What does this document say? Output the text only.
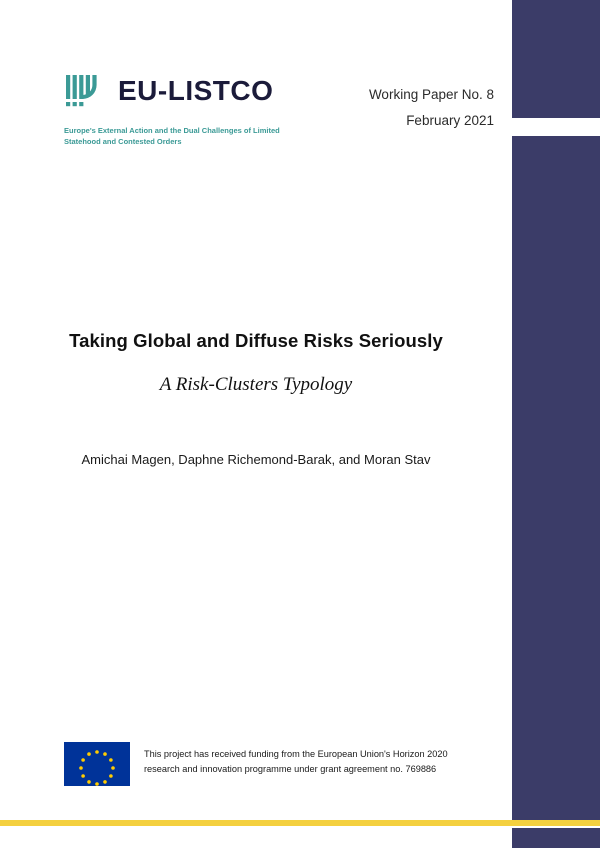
EU-LISTCO
Europe's External Action and the Dual Challenges of Limited Statehood and Contested Orders
Working Paper No. 8
February 2021
Taking Global and Diffuse Risks Seriously
A Risk-Clusters Typology
Amichai Magen, Daphne Richemond-Barak, and Moran Stav
This project has received funding from the European Union's Horizon 2020
research and innovation programme under grant agreement no. 769886
